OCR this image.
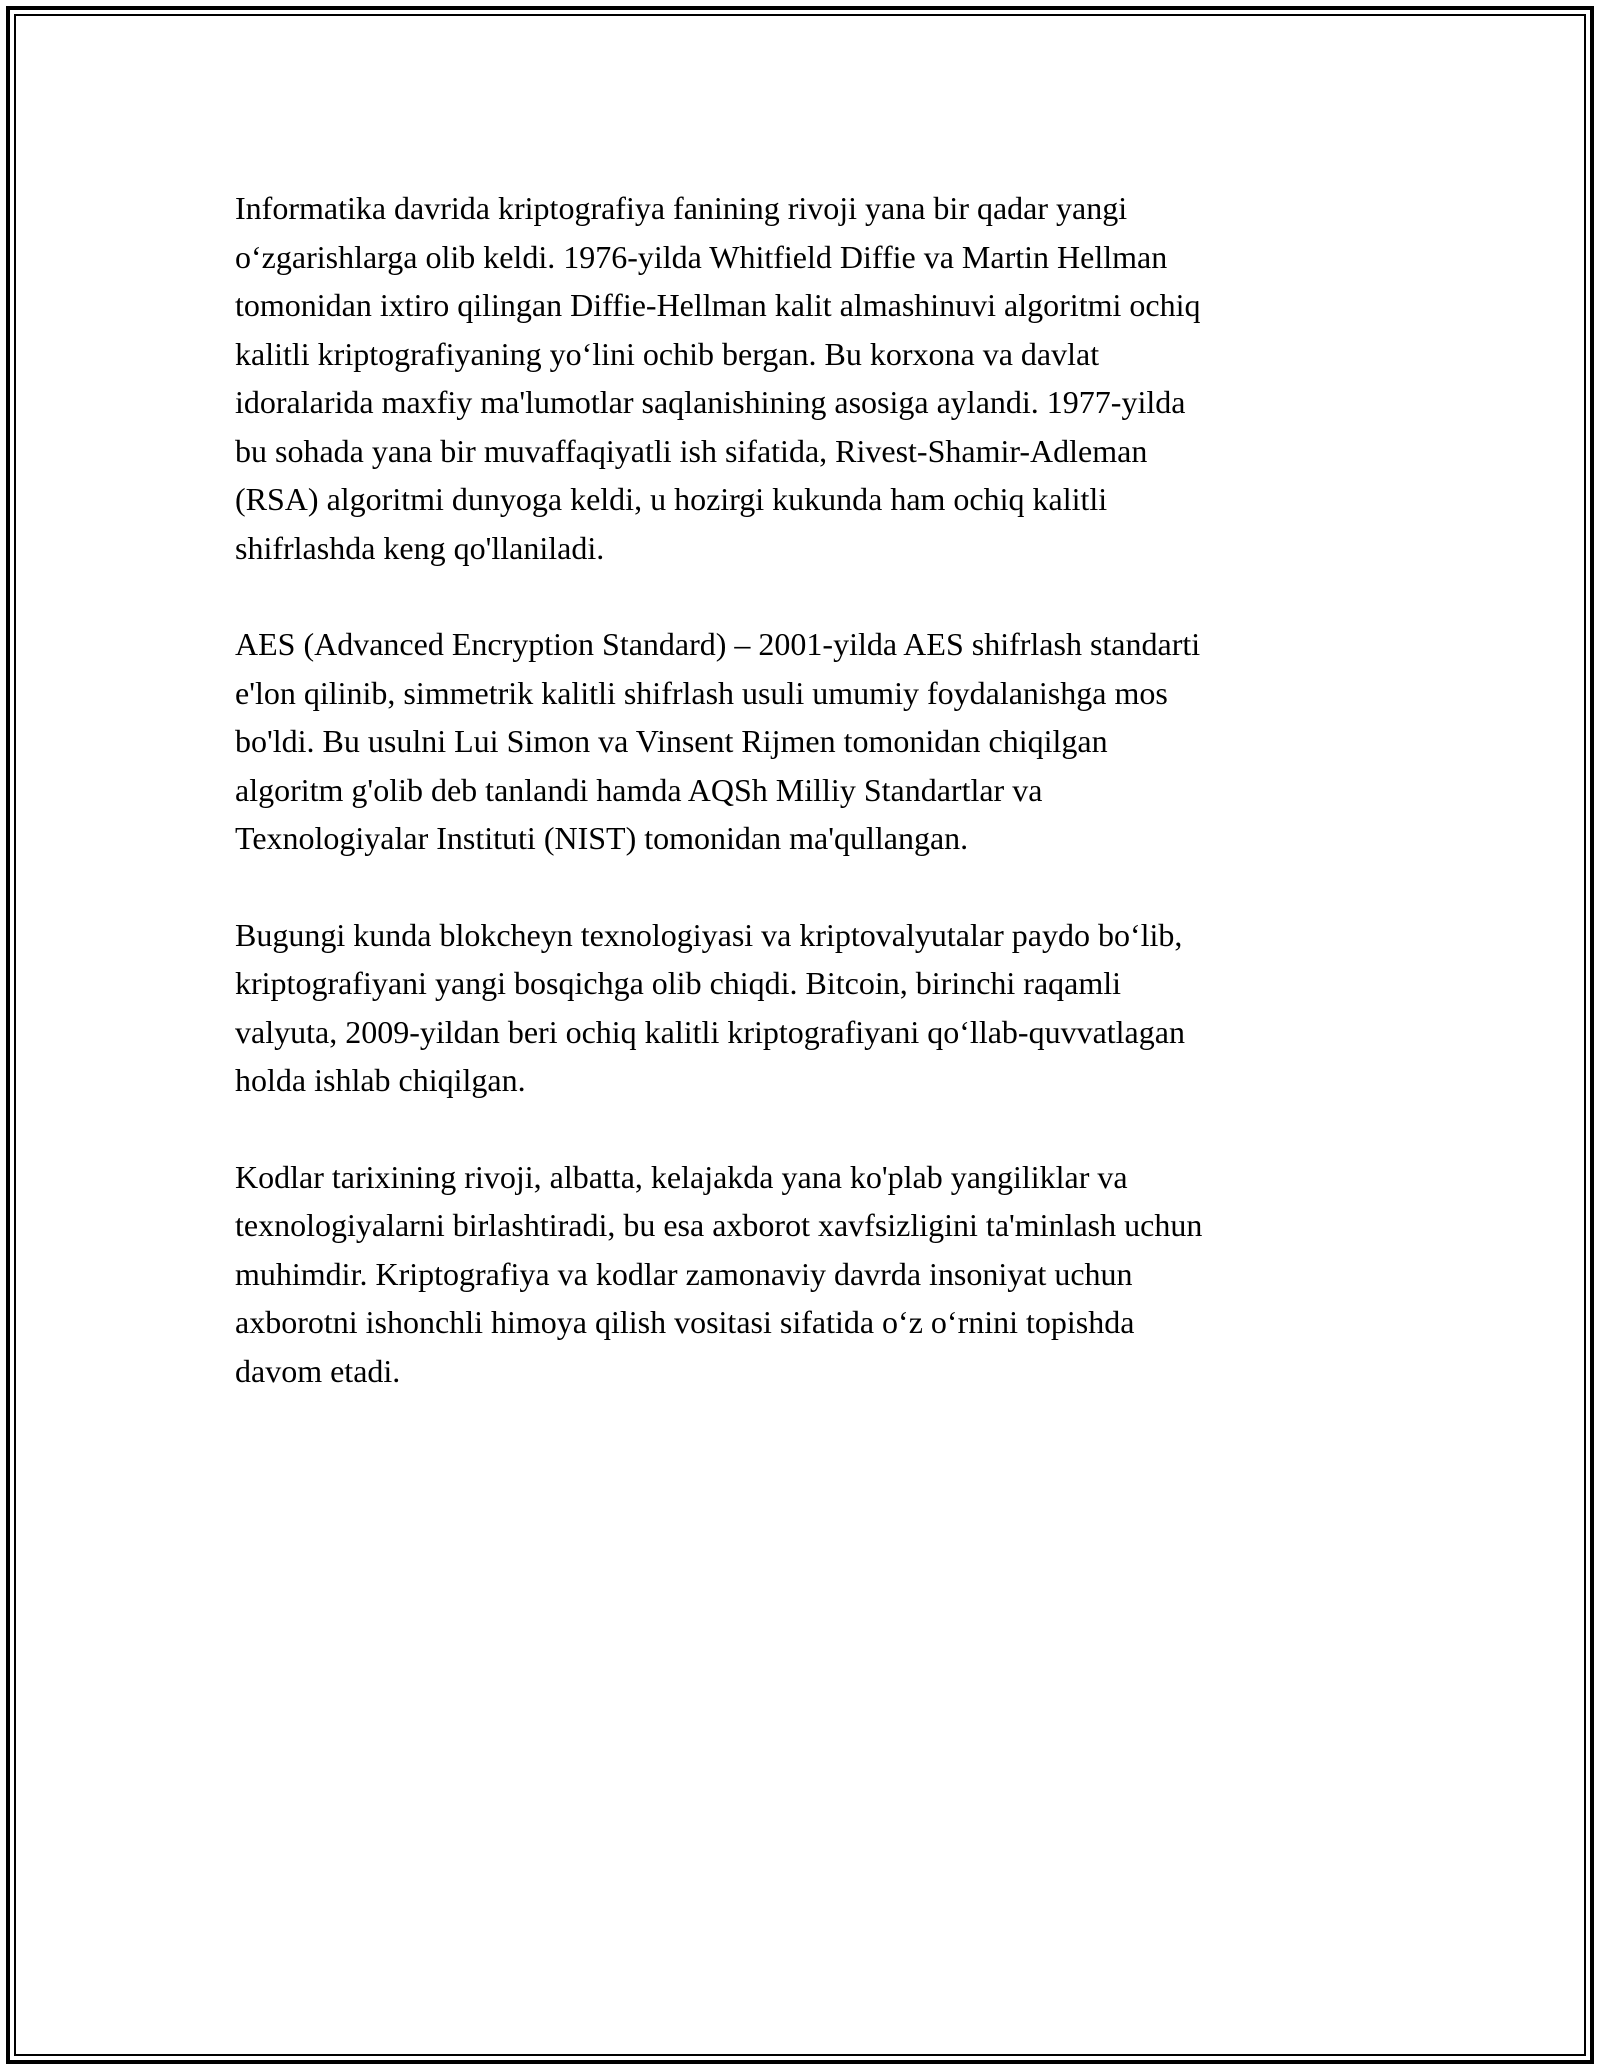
Informatika davrida kriptografiya fanining rivoji yana bir qadar yangi
o‘zgarishlarga olib keldi. 1976-yilda Whitfield Diffie va Martin Hellman
tomonidan ixtiro qilingan Diffie-Hellman kalit almashinuvi algoritmi ochiq
kalitli kriptografiyaning yo‘lini ochib bergan. Bu korxona va davlat
idoralarida maxfiy ma'lumotlar saqlanishining asosiga aylandi. 1977-yilda
bu sohada yana bir muvaffaqiyatli ish sifatida, Rivest-Shamir-Adleman
(RSA) algoritmi dunyoga keldi, u hozirgi kukunda ham ochiq kalitli
shifrlashda keng qo'llaniladi.

AES (Advanced Encryption Standard) – 2001-yilda AES shifrlash standarti
e'lon qilinib, simmetrik kalitli shifrlash usuli umumiy foydalanishga mos
bo'ldi. Bu usulni Lui Simon va Vinsent Rijmen tomonidan chiqilgan
algoritm g'olib deb tanlandi hamda AQSh Milliy Standartlar va
Texnologiyalar Instituti (NIST) tomonidan ma'qullangan.

Bugungi kunda blokcheyn texnologiyasi va kriptovalyutalar paydo bo‘lib,
kriptografiyani yangi bosqichga olib chiqdi. Bitcoin, birinchi raqamli
valyuta, 2009-yildan beri ochiq kalitli kriptografiyani qo‘llab-quvvatlagan
holda ishlab chiqilgan.

Kodlar tarixining rivoji, albatta, kelajakda yana ko'plab yangiliklar va
texnologiyalarni birlashtiradi, bu esa axborot xavfsizligini ta'minlash uchun
muhimdir. Kriptografiya va kodlar zamonaviy davrda insoniyat uchun
axborotni ishonchli himoya qilish vositasi sifatida o‘z o‘rnini topishda
davom etadi.
